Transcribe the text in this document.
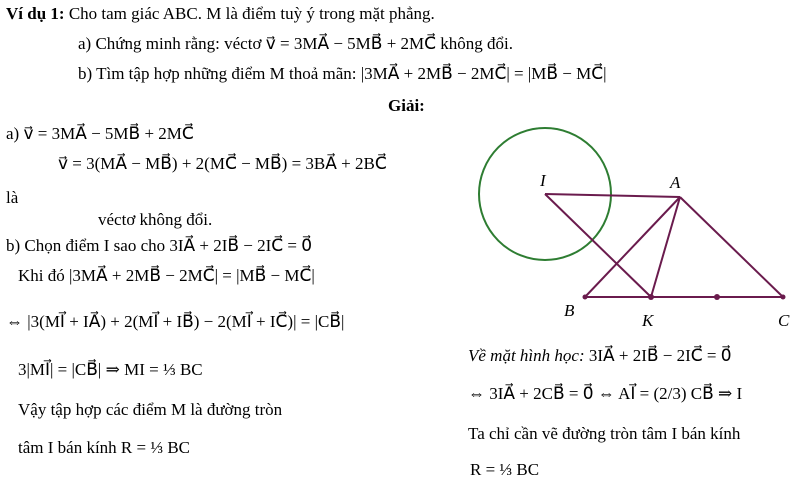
Ví dụ 1: Cho tam giác ABC. M là điểm tuỳ ý trong mặt phẳng.
a) Chứng minh rằng: véctơ v⃗ = 3MA⃗ − 5MB⃗ + 2MC⃗ không đổi.
b) Tìm tập hợp những điểm M thoả mãn: |3MA⃗ + 2MB⃗ − 2MC⃗| = |MB⃗ − MC⃗|
Giải:
a) v⃗ = 3MA⃗ − 5MB⃗ + 2MC⃗
v⃗ = 3(MA⃗ − MB⃗) + 2(MC⃗ − MB⃗) = 3BA⃗ + 2BC⃗
là
véctơ không đổi.
b) Chọn điểm I sao cho 3IA⃗ + 2IB⃗ − 2IC⃗ = 0⃗
Khi đó |3MA⃗ + 2MB⃗ − 2MC⃗| = |MB⃗ − MC⃗|
⇔ |3(MI⃗ + IA⃗) + 2(MI⃗ + IB⃗) − 2(MI⃗ + IC⃗)| = |CB⃗|
3|MI⃗| = |CB⃗| ⇒ MI = ⅓ BC
Vậy tập hợp các điểm M là đường tròn
tâm I bán kính R = ⅓ BC
I	A
B
K	C
Về mặt hình học: 3IA⃗ + 2IB⃗ − 2IC⃗ = 0⃗
⇔ 3IA⃗ + 2CB⃗ = 0⃗ ⇔ AI⃗ = (2/3) CB⃗ ⇒ I
Ta chỉ cần vẽ đường tròn tâm I bán kính
R = ⅓ BC
